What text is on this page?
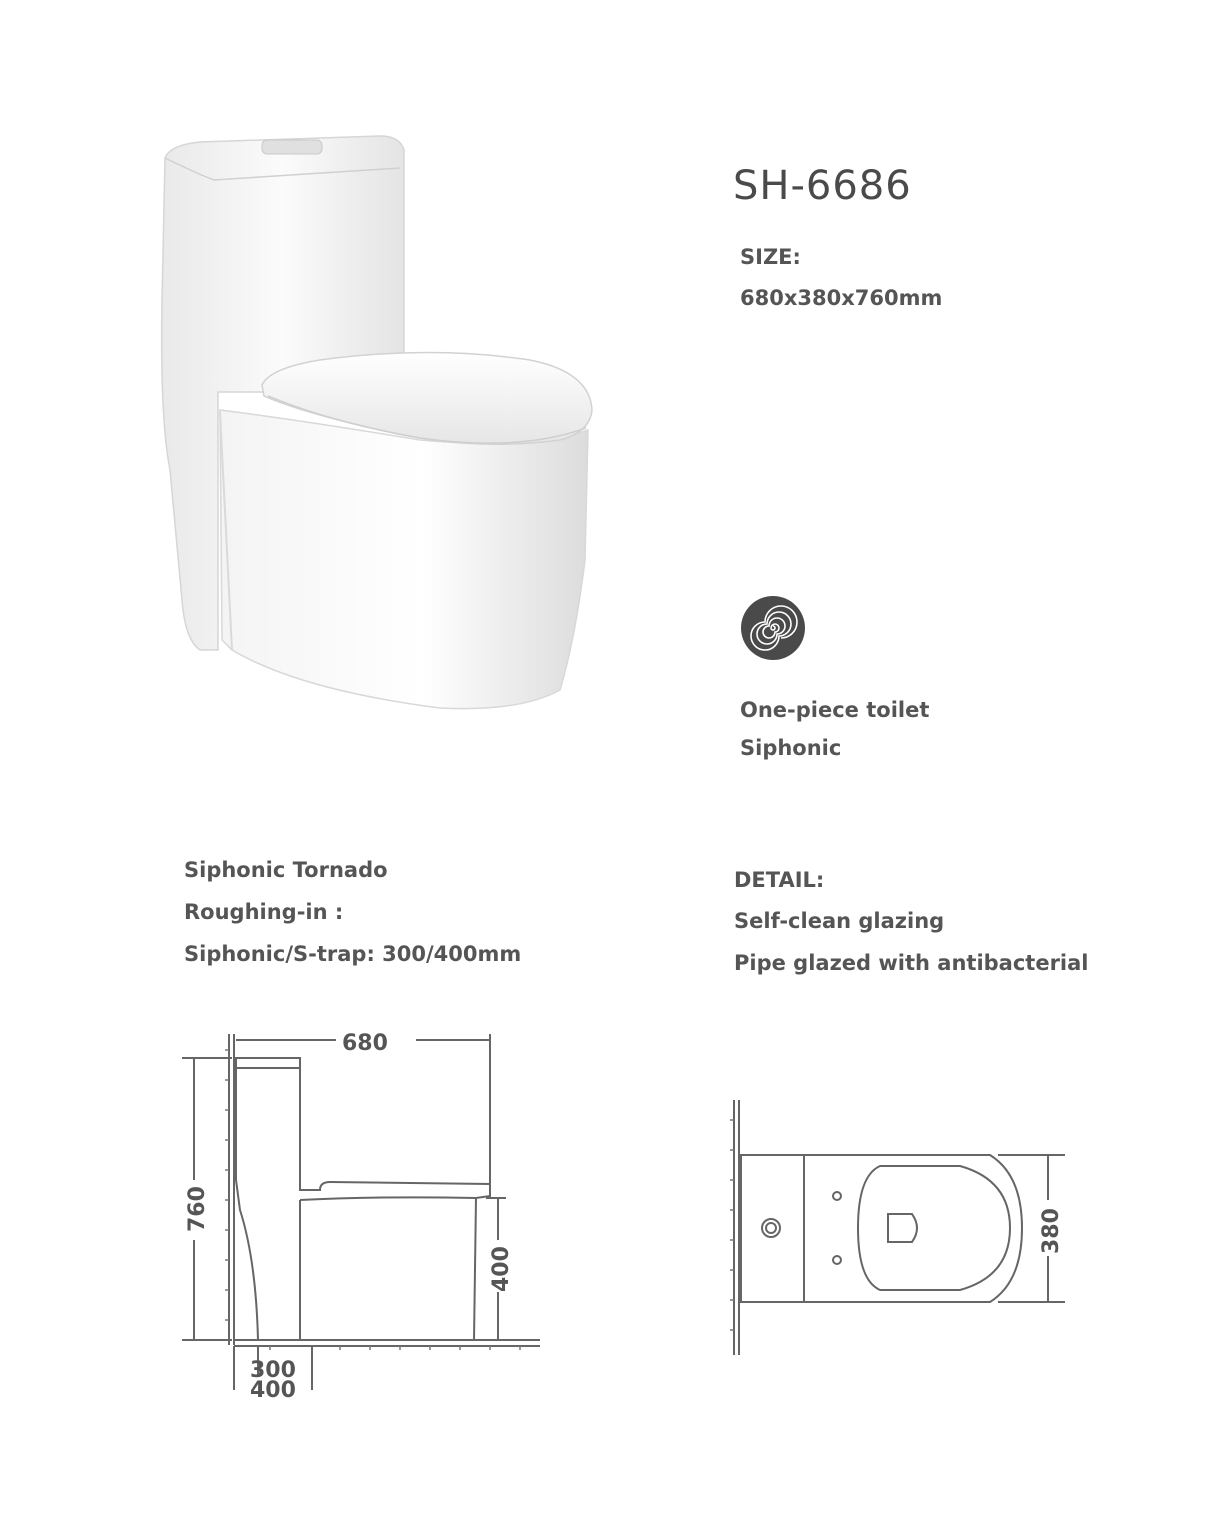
SH-6686
SIZE:
680x380x760mm
One-piece toilet
Siphonic
Siphonic Tornado
Roughing-in :
Siphonic/S-trap: 300/400mm
DETAIL:
Self-clean glazing
Pipe glazed with antibacterial
680
760
400
300
400
380
